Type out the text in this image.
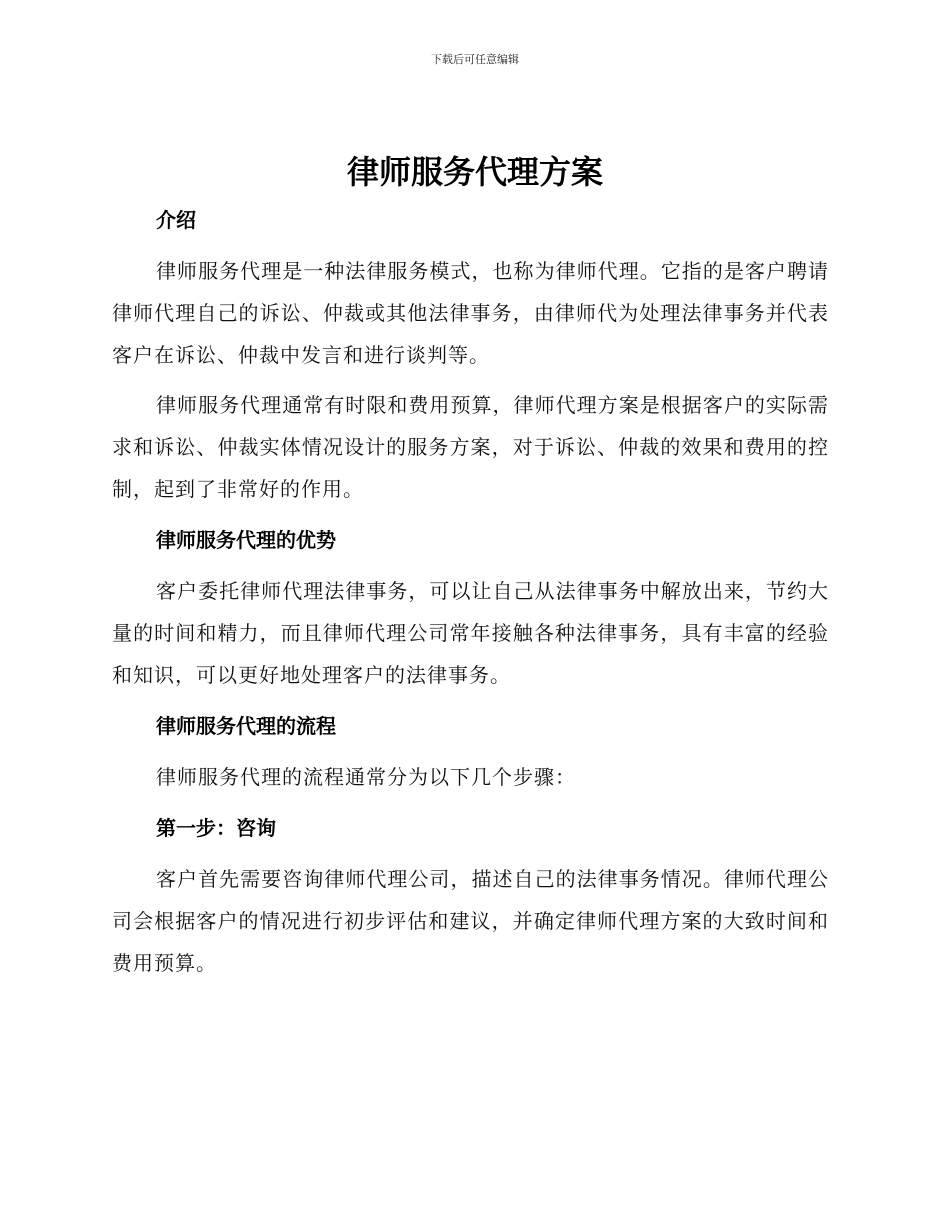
下载后可任意编辑
律师服务代理方案
介绍

律师服务代理是一种法律服务模式，也称为律师代理。它指的是客户聘请律师代理自己的诉讼、仲裁或其他法律事务，由律师代为处理法律事务并代表客户在诉讼、仲裁中发言和进行谈判等。

律师服务代理通常有时限和费用预算，律师代理方案是根据客户的实际需求和诉讼、仲裁实体情况设计的服务方案，对于诉讼、仲裁的效果和费用的控制，起到了非常好的作用。

律师服务代理的优势

客户委托律师代理法律事务，可以让自己从法律事务中解放出来，节约大量的时间和精力，而且律师代理公司常年接触各种法律事务，具有丰富的经验和知识，可以更好地处理客户的法律事务。

律师服务代理的流程

律师服务代理的流程通常分为以下几个步骤：

第一步：咨询

客户首先需要咨询律师代理公司，描述自己的法律事务情况。律师代理公司会根据客户的情况进行初步评估和建议，并确定律师代理方案的大致时间和费用预算。
